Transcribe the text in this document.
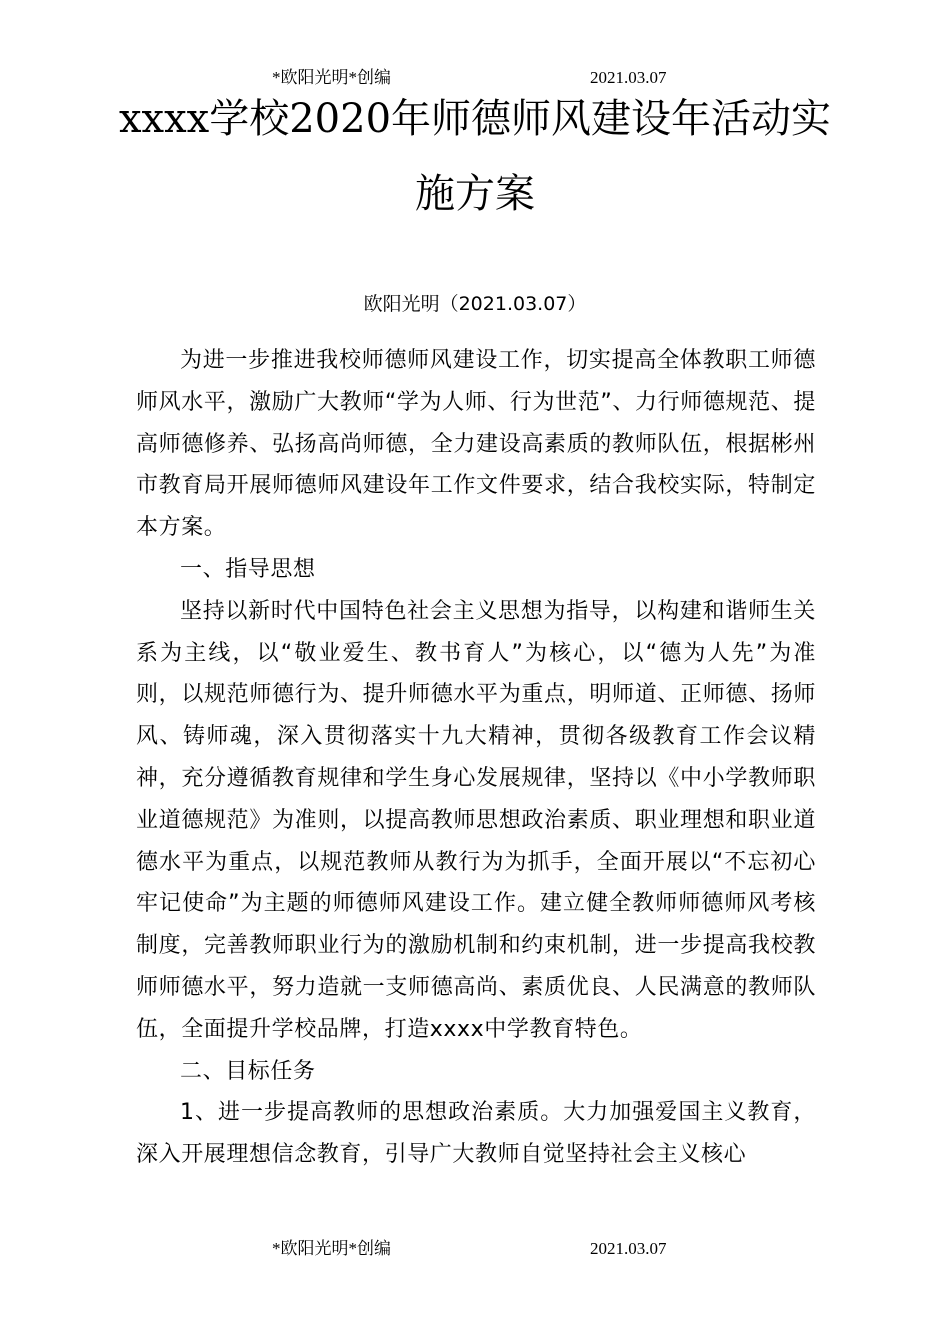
*欧阳光明*创编	2021.03.07
xxxx学校2020年师德师风建设年活动实施方案
欧阳光明（2021.03.07）

为进一步推进我校师德师风建设工作，切实提高全体教职工师德师风水平，激励广大教师“学为人师、行为世范”、力行师德规范、提高师德修养、弘扬高尚师德，全力建设高素质的教师队伍，根据彬州市教育局开展师德师风建设年工作文件要求，结合我校实际，特制定本方案。

一、指导思想

坚持以新时代中国特色社会主义思想为指导，以构建和谐师生关系为主线，以“敬业爱生、教书育人”为核心，以“德为人先”为准则，以规范师德行为、提升师德水平为重点，明师道、正师德、扬师风、铸师魂，深入贯彻落实十九大精神，贯彻各级教育工作会议精神，充分遵循教育规律和学生身心发展规律，坚持以《中小学教师职业道德规范》为准则，以提高教师思想政治素质、职业理想和职业道德水平为重点，以规范教师从教行为为抓手，全面开展以“不忘初心牢记使命”为主题的师德师风建设工作。建立健全教师师德师风考核制度，完善教师职业行为的激励机制和约束机制，进一步提高我校教师师德水平，努力造就一支师德高尚、素质优良、人民满意的教师队伍，全面提升学校品牌，打造xxxx中学教育特色。

二、目标任务

1、进一步提高教师的思想政治素质。大力加强爱国主义教育，深入开展理想信念教育，引导广大教师自觉坚持社会主义核心

*欧阳光明*创编	2021.03.07
